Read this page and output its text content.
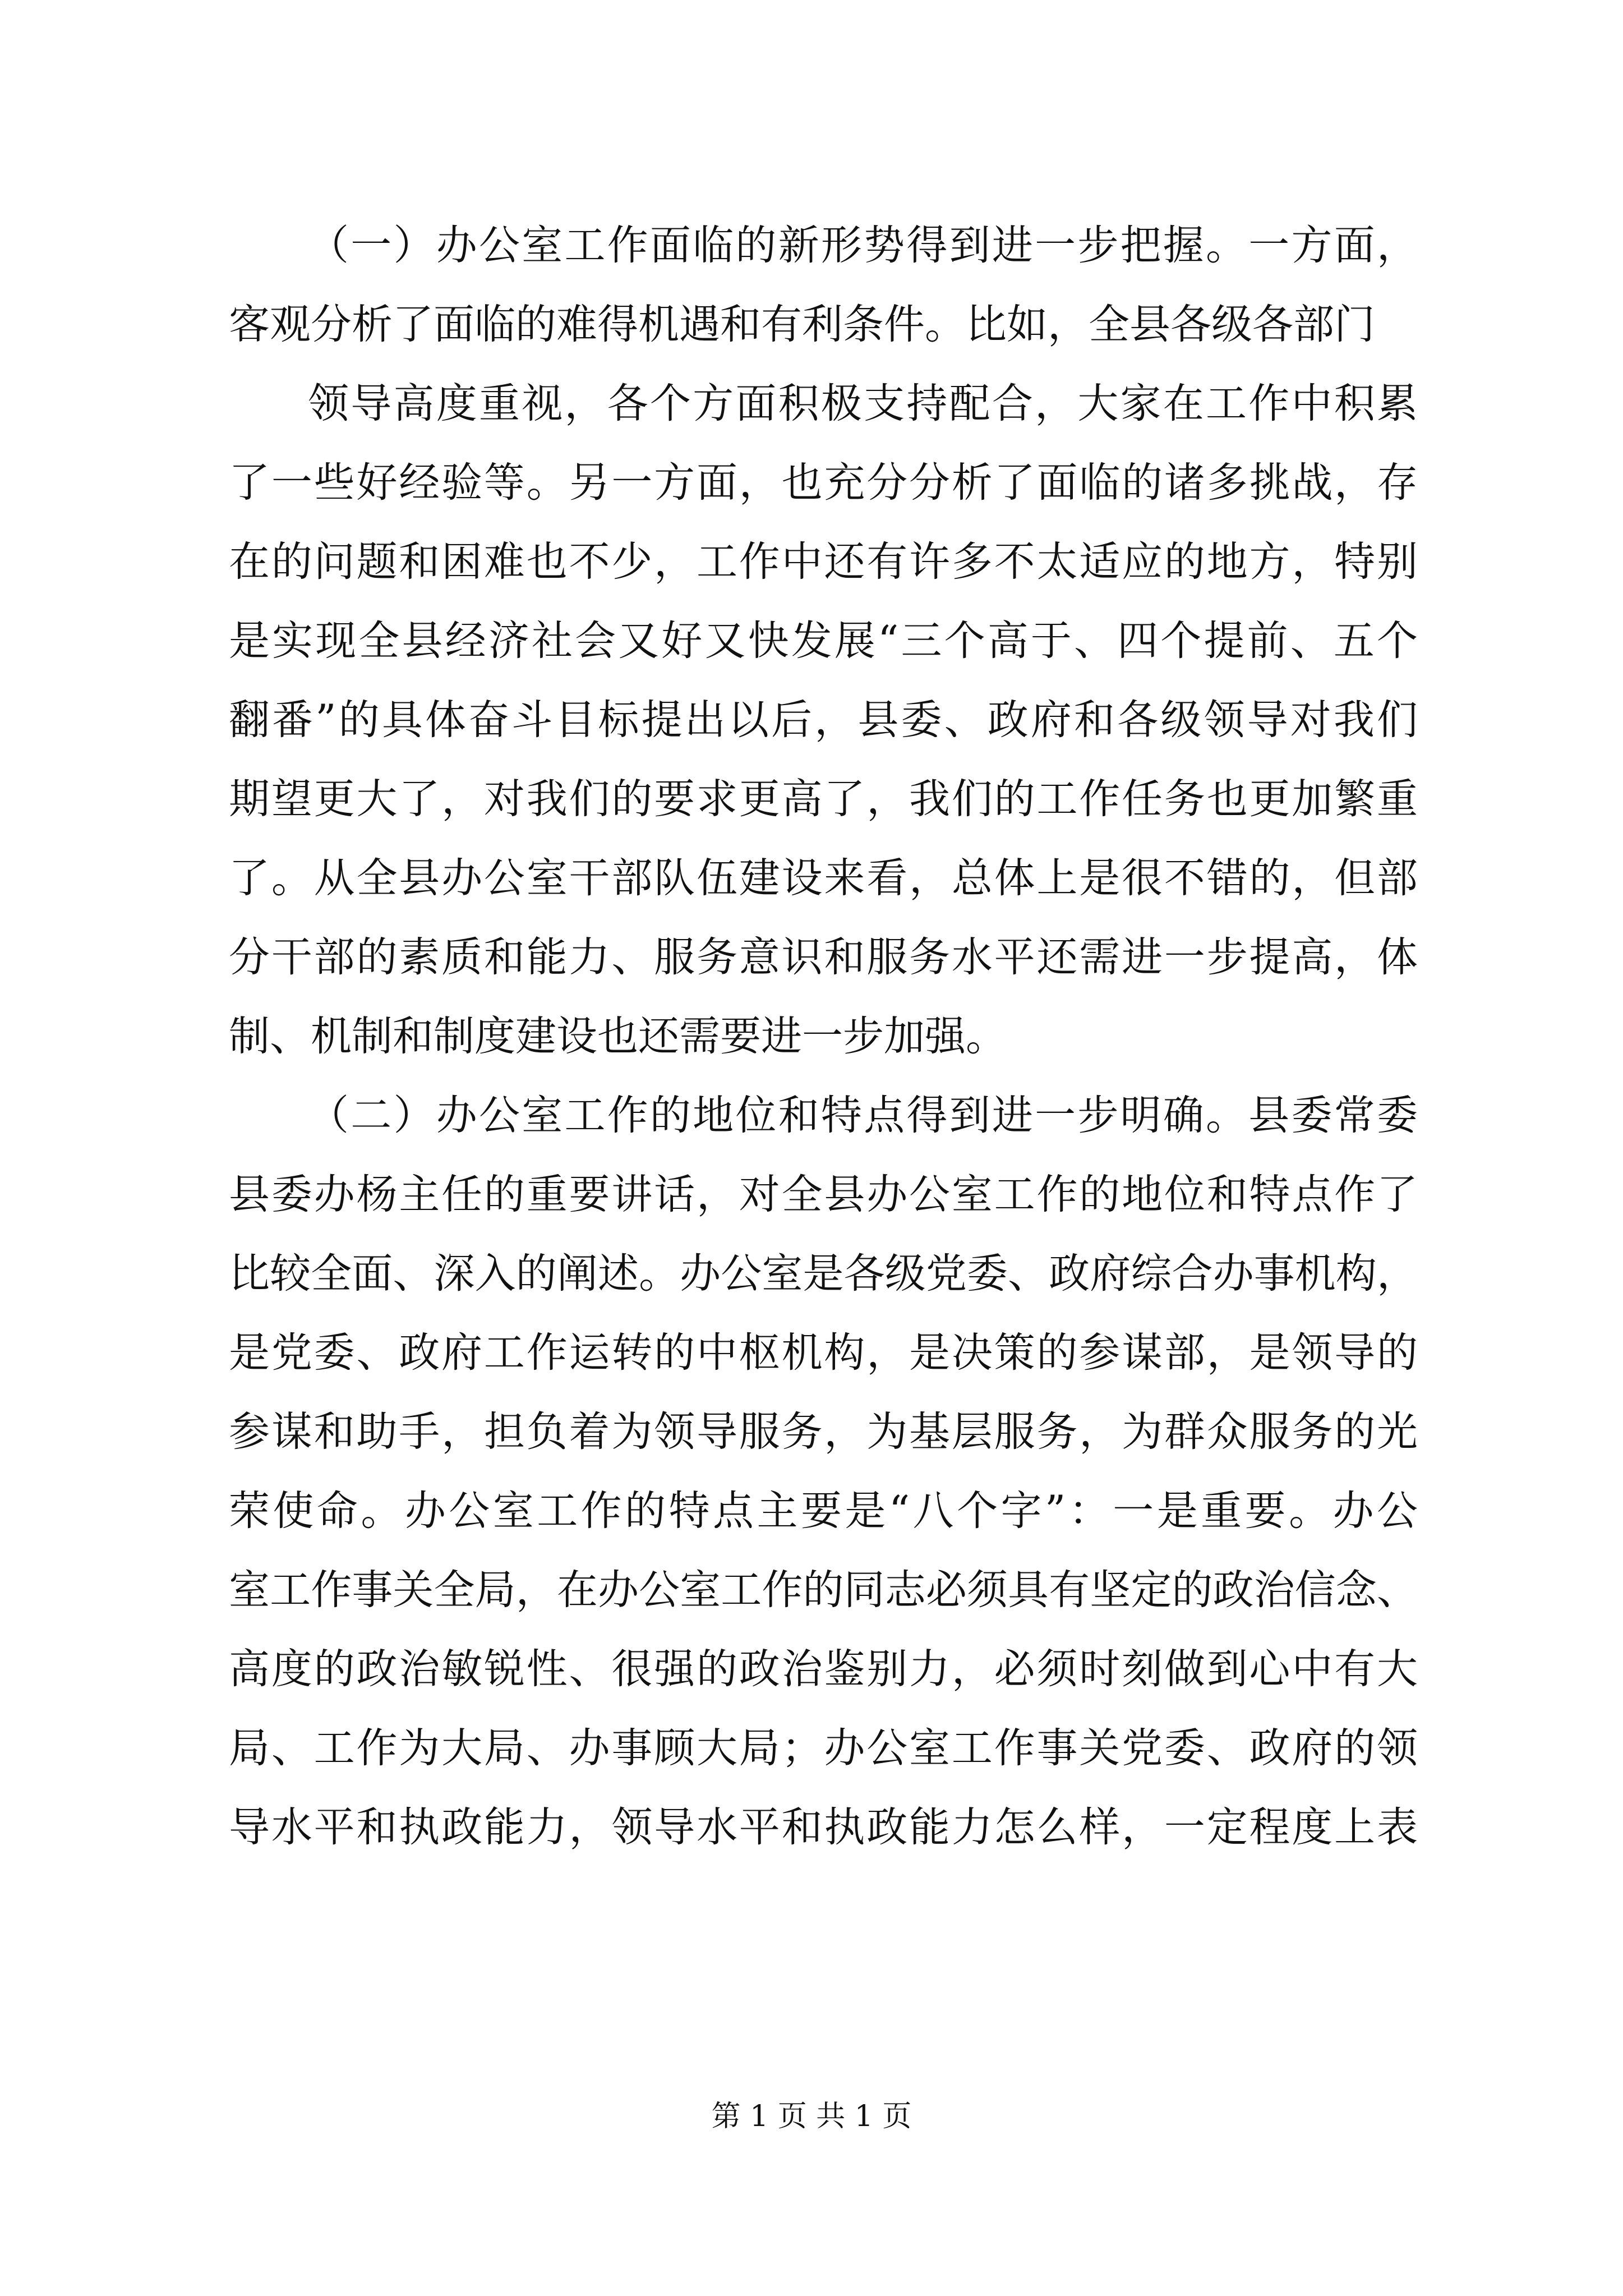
（一）办公室工作面临的新形势得到进一步把握。一方面，
客观分析了面临的难得机遇和有利条件。比如，全县各级各部门
领导高度重视，各个方面积极支持配合，大家在工作中积累
了一些好经验等。另一方面，也充分分析了面临的诸多挑战，存
在的问题和困难也不少，工作中还有许多不太适应的地方，特别
是实现全县经济社会又好又快发展“三个高于、四个提前、五个
翻番”的具体奋斗目标提出以后，县委、政府和各级领导对我们
期望更大了，对我们的要求更高了，我们的工作任务也更加繁重
了。从全县办公室干部队伍建设来看，总体上是很不错的，但部
分干部的素质和能力、服务意识和服务水平还需进一步提高，体
制、机制和制度建设也还需要进一步加强。
（二）办公室工作的地位和特点得到进一步明确。县委常委
县委办杨主任的重要讲话，对全县办公室工作的地位和特点作了
比较全面、深入的阐述。办公室是各级党委、政府综合办事机构，
是党委、政府工作运转的中枢机构，是决策的参谋部，是领导的
参谋和助手，担负着为领导服务，为基层服务，为群众服务的光
荣使命。办公室工作的特点主要是“八个字”：一是重要。办公
室工作事关全局，在办公室工作的同志必须具有坚定的政治信念、
高度的政治敏锐性、很强的政治鉴别力，必须时刻做到心中有大
局、工作为大局、办事顾大局；办公室工作事关党委、政府的领
导水平和执政能力，领导水平和执政能力怎么样，一定程度上表
第 1 页 共 1 页
